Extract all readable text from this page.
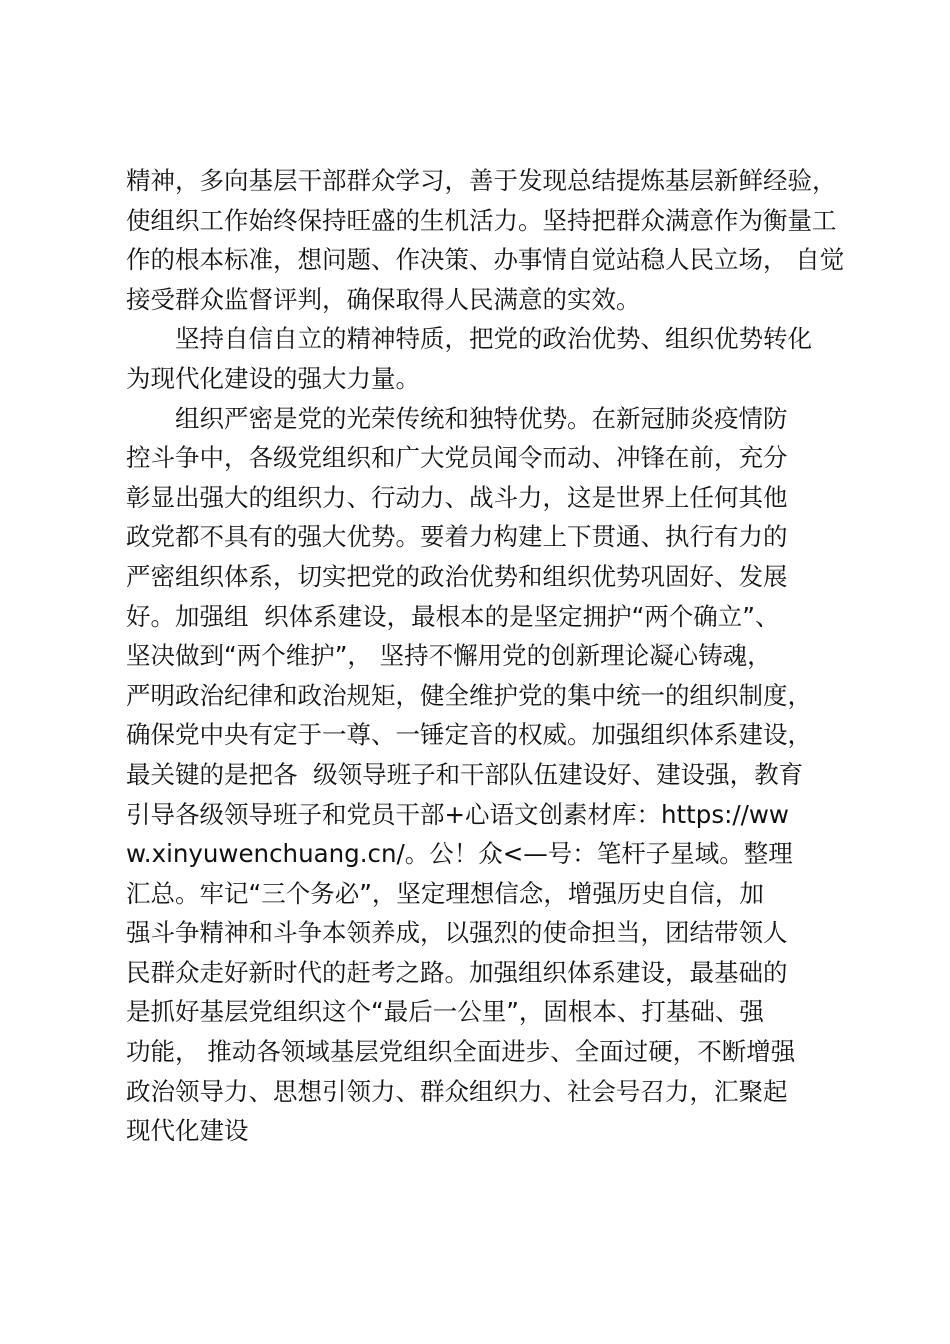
精神，多向基层干部群众学习，善于发现总结提炼基层新鲜经验，
使组织工作始终保持旺盛的生机活力。坚持把群众满意作为衡量工
作的根本标准，想问题、作决策、办事情自觉站稳人民立场， 自觉
接受群众监督评判，确保取得人民满意的实效。
坚持自信自立的精神特质，把党的政治优势、组织优势转化
为现代化建设的强大力量。
组织严密是党的光荣传统和独特优势。在新冠肺炎疫情防
控斗争中，各级党组织和广大党员闻令而动、冲锋在前，充分
彰显出强大的组织力、行动力、战斗力，这是世界上任何其他
政党都不具有的强大优势。要着力构建上下贯通、执行有力的
严密组织体系，切实把党的政治优势和组织优势巩固好、发展
好。加强组  织体系建设，最根本的是坚定拥护“两个确立”、
坚决做到“两个维护”， 坚持不懈用党的创新理论凝心铸魂，
严明政治纪律和政治规矩，健全维护党的集中统一的组织制度，
确保党中央有定于一尊、一锤定音的权威。加强组织体系建设，
最关键的是把各  级领导班子和干部队伍建设好、建设强，教育
引导各级领导班子和党员干部+心语文创素材库：https://ww
w.xinyuwenchuang.cn/。公！众<—号：笔杆子星域。整理
汇总。牢记“三个务必”，坚定理想信念，增强历史自信，加
强斗争精神和斗争本领养成，以强烈的使命担当，团结带领人
民群众走好新时代的赶考之路。加强组织体系建设，最基础的
是抓好基层党组织这个“最后一公里”，固根本、打基础、强
功能， 推动各领域基层党组织全面进步、全面过硬，不断增强
政治领导力、思想引领力、群众组织力、社会号召力，汇聚起
现代化建设
